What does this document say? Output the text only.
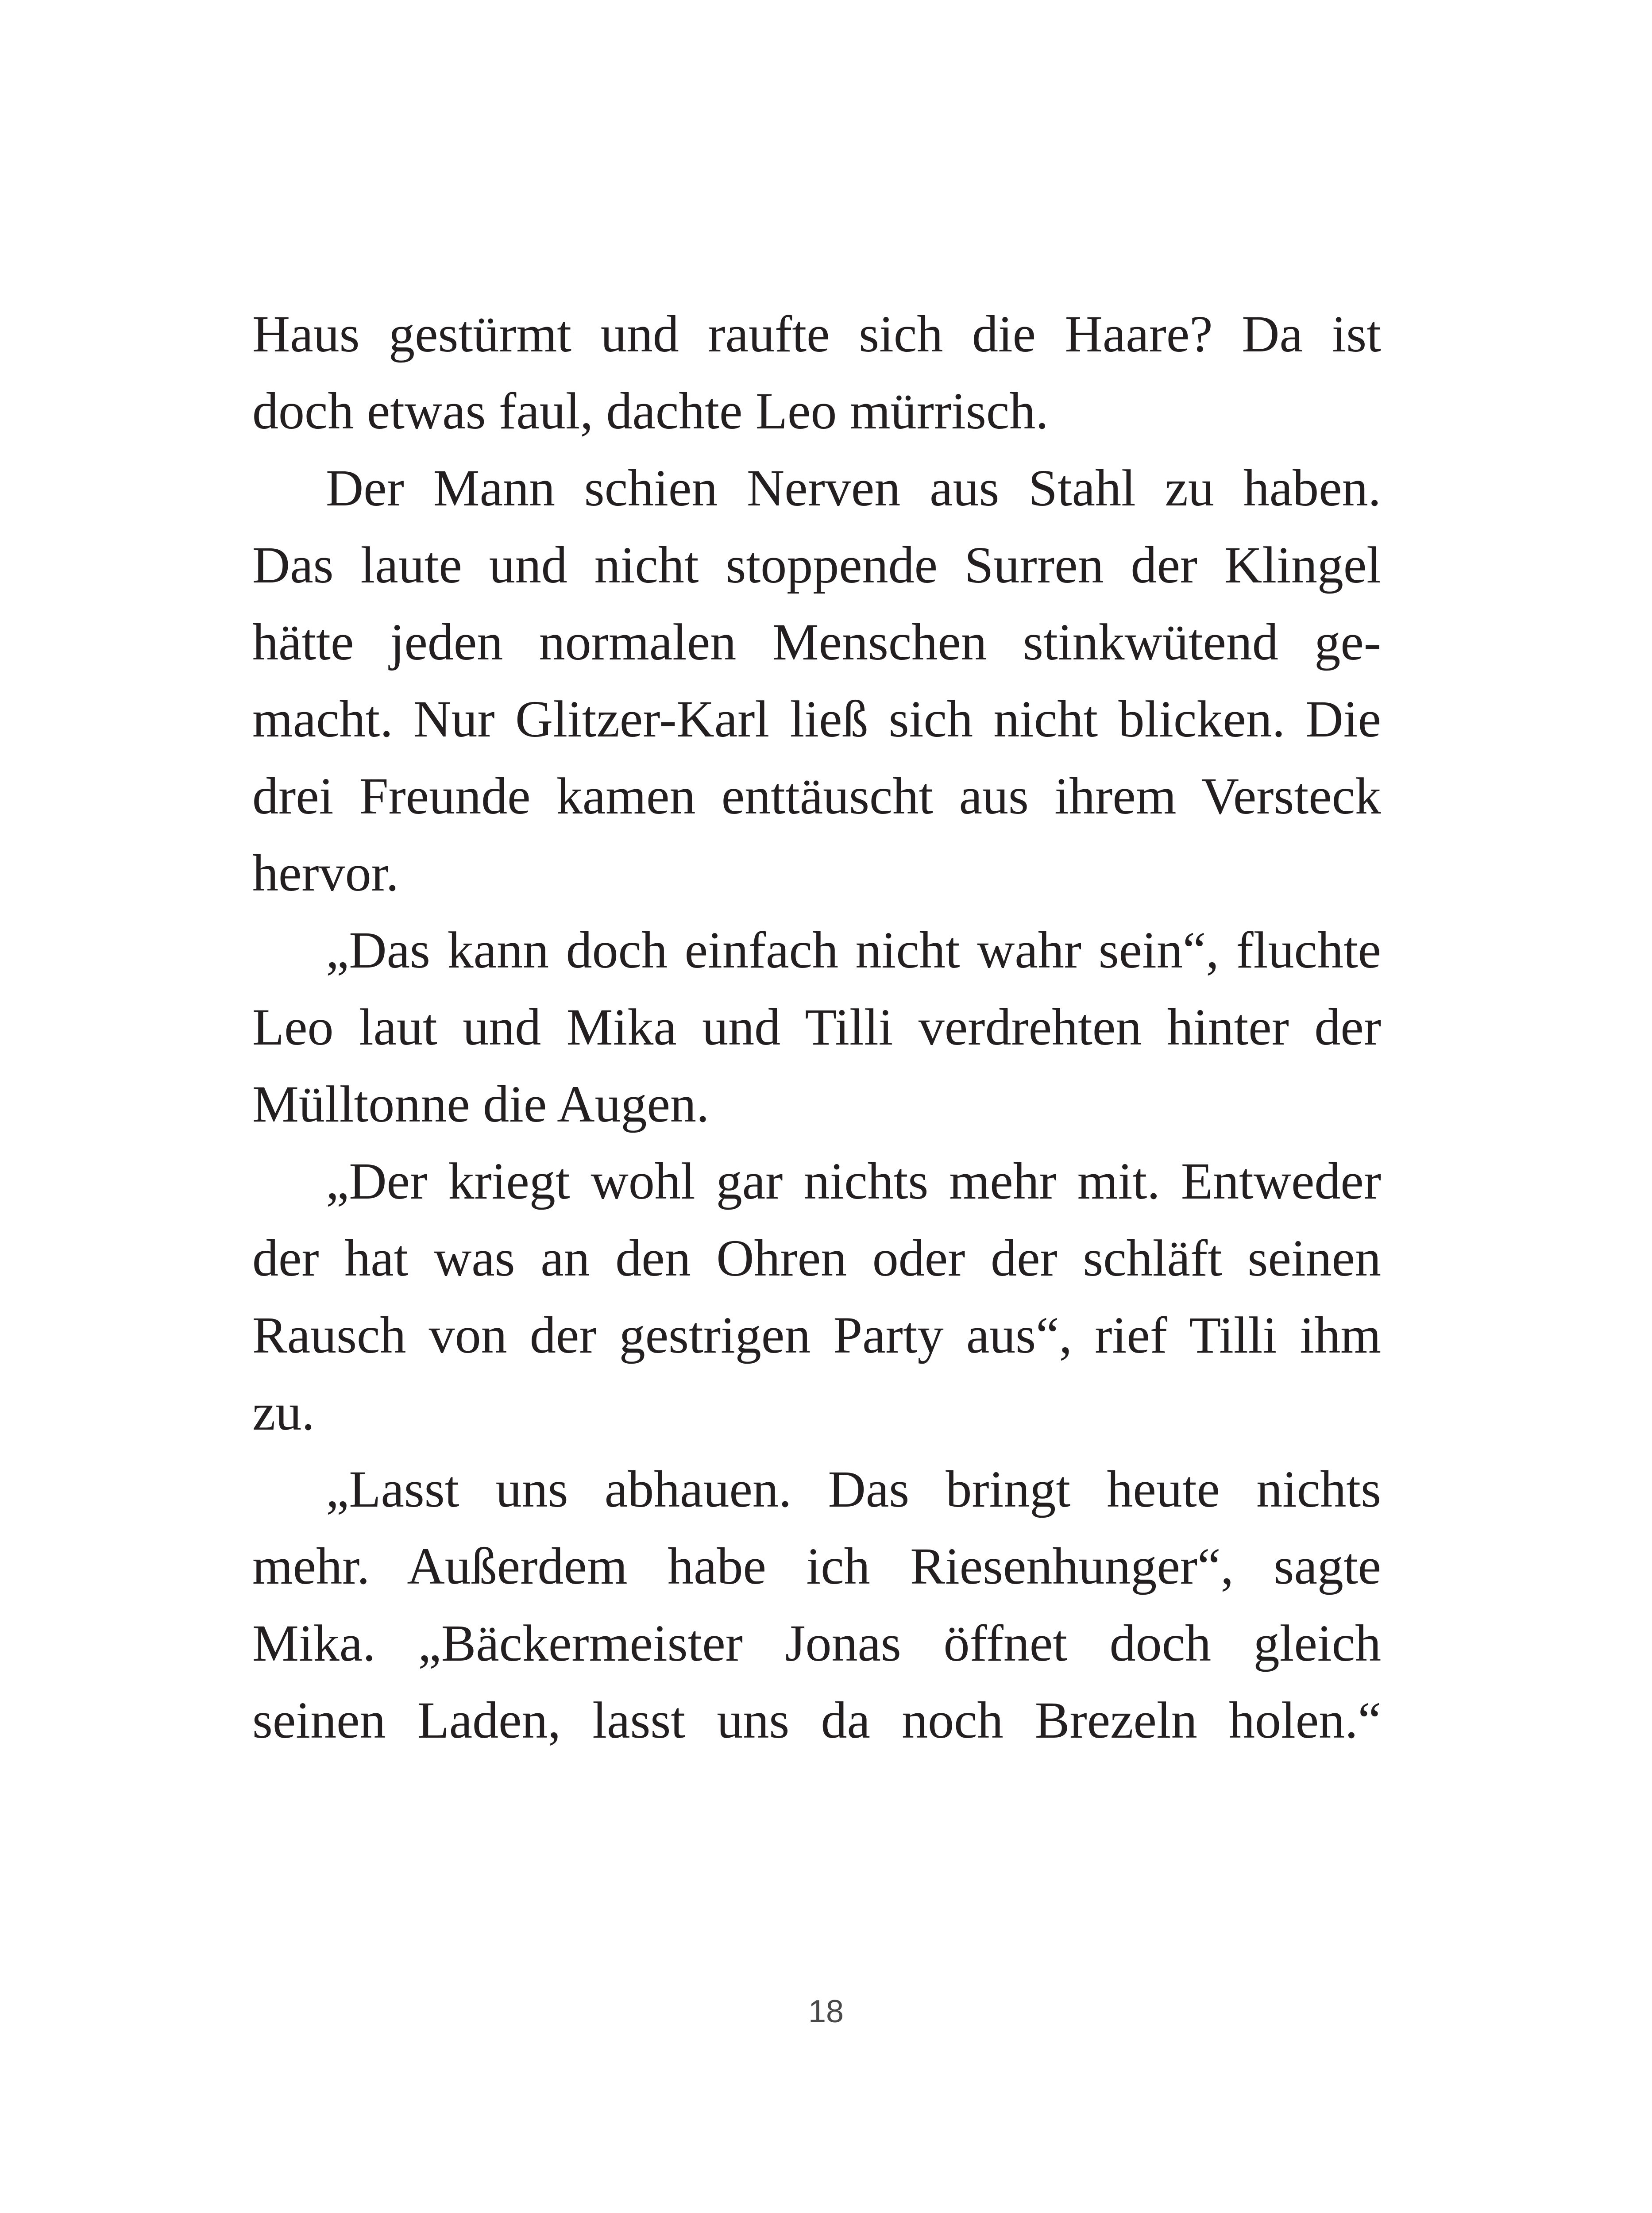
Haus gestürmt und raufte sich die Haare? Da ist
doch etwas faul, dachte Leo mürrisch.
Der Mann schien Nerven aus Stahl zu haben.
Das laute und nicht stoppende Surren der Klingel
hätte jeden normalen Menschen stinkwütend ge-
macht. Nur Glitzer-Karl ließ sich nicht blicken. Die
drei Freunde kamen enttäuscht aus ihrem Versteck
hervor.
„Das kann doch einfach nicht wahr sein“, fluchte
Leo laut und Mika und Tilli verdrehten hinter der
Mülltonne die Augen.
„Der kriegt wohl gar nichts mehr mit. Entweder
der hat was an den Ohren oder der schläft seinen
Rausch von der gestrigen Party aus“, rief Tilli ihm
zu.
„Lasst uns abhauen. Das bringt heute nichts
mehr. Außerdem habe ich Riesenhunger“, sagte
Mika. „Bäckermeister Jonas öffnet doch gleich
seinen Laden, lasst uns da noch Brezeln holen.“
18
